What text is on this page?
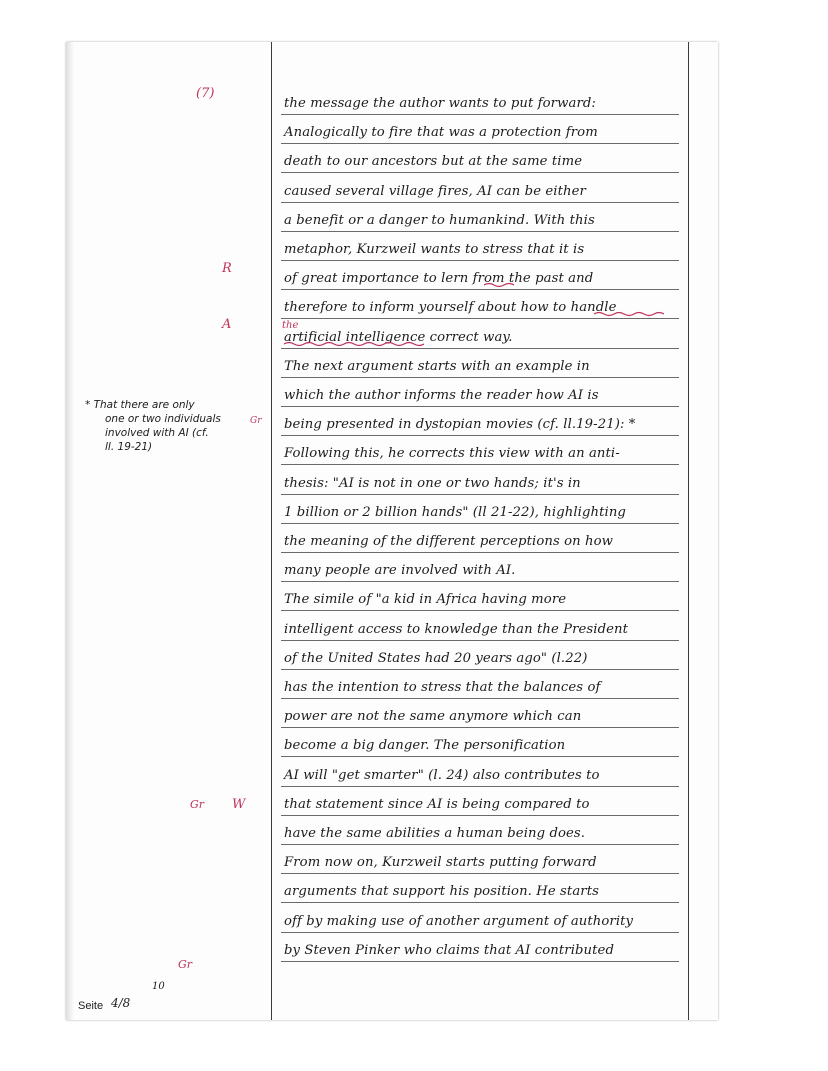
the message the author wants to put forward:
Analogically to fire that was a protection from
death to our ancestors but at the same time
caused several village fires, AI can be either
a benefit or a danger to humankind. With this
metaphor, Kurzweil wants to stress that it is
of great importance to lern from the past and
therefore to inform yourself about how to handle
artificial intelligence correct way.
The next argument starts with an example in
which the author informs the reader how AI is
being presented in dystopian movies (cf. ll.19-21): *
Following this, he corrects this view with an anti-
thesis: "AI is not in one or two hands; it's in
1 billion or 2 billion hands" (ll 21-22), highlighting
the meaning of the different perceptions on how
many people are involved with AI.
The simile of "a kid in Africa having more
intelligent access to knowledge than the President
of the United States had 20 years ago" (l.22)
has the intention to stress that the balances of
power are not the same anymore which can
become a big danger. The personification
AI will "get smarter" (l. 24) also contributes to
that statement since AI is being compared to
have the same abilities a human being does.
From now on, Kurzweil starts putting forward
arguments that support his position. He starts
off by making use of another argument of authority
by Steven Pinker who claims that AI contributed
the
(7)
R
A
Gr
Gr W
Gr
* That there are only
one or two individuals
involved with AI (cf.
ll. 19-21)
Seite 4/8
10
